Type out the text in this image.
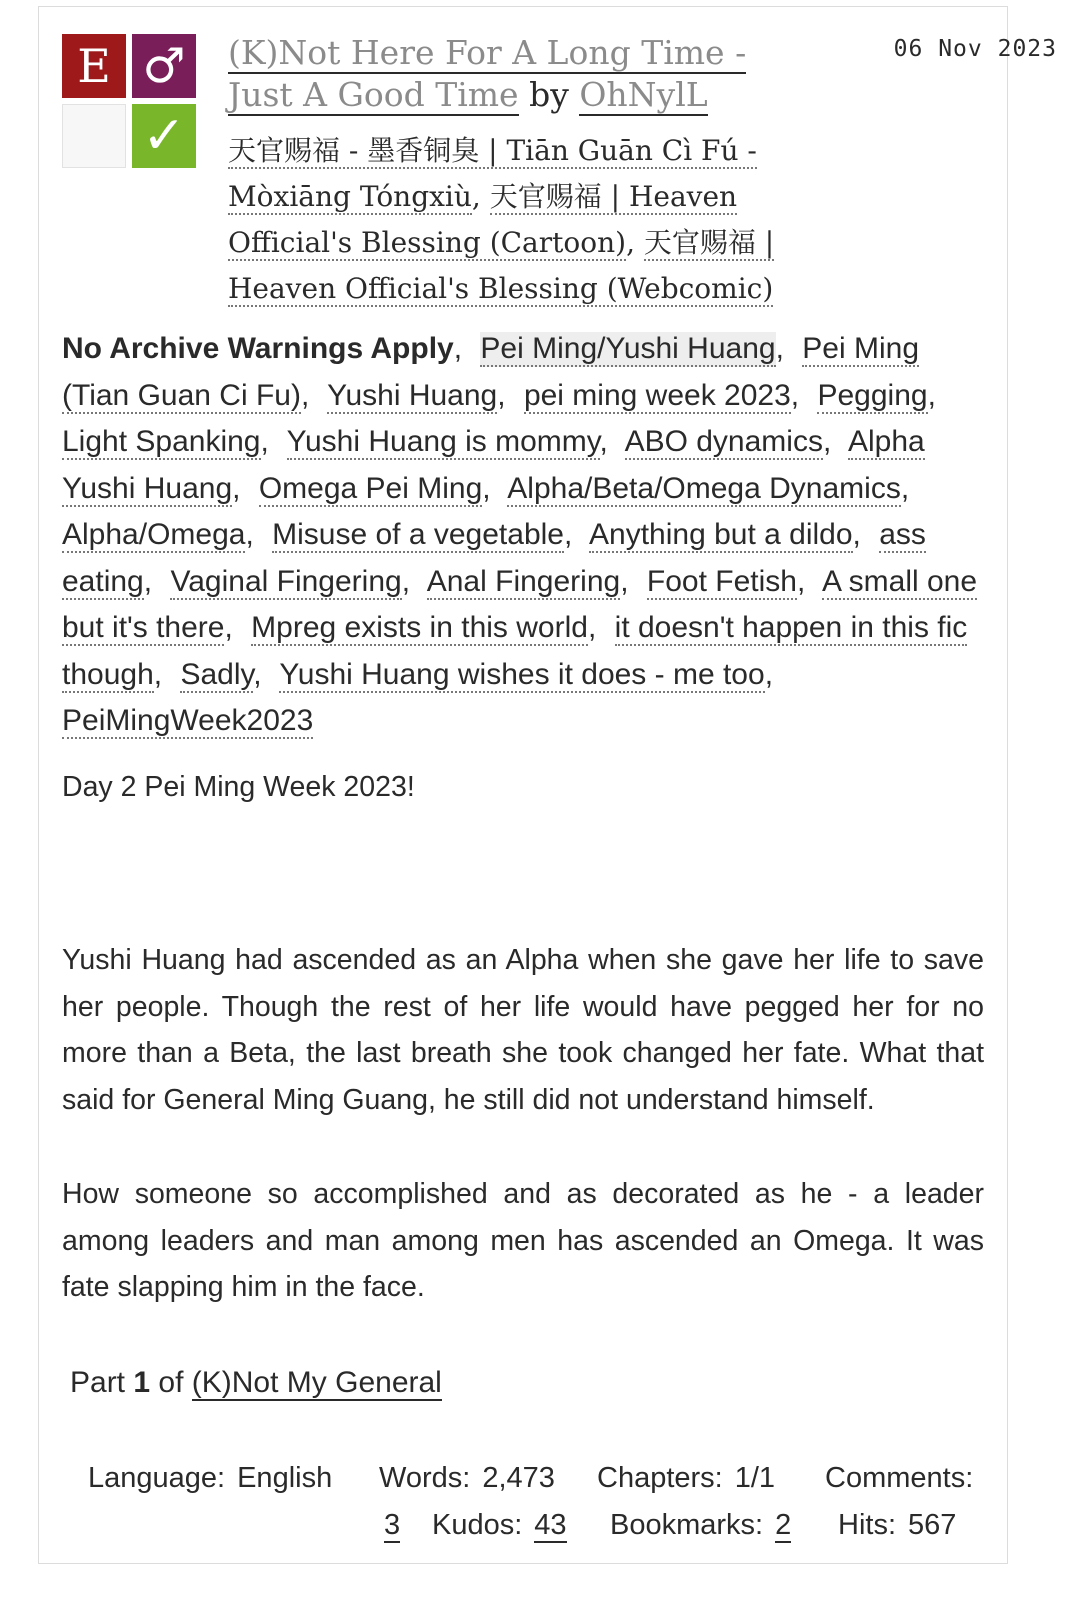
E ♂
✓
(K)Not Here For A Long Time -
Just A Good Time by OhNylL
06 Nov 2023
天官赐福 - 墨香铜臭 | Tiān Guān Cì Fú - Mòxiāng Tóngxiù, 天官赐福 | Heaven Official's Blessing (Cartoon), 天官赐福 | Heaven Official's Blessing (Webcomic)
No Archive Warnings Apply, Pei Ming/Yushi Huang, Pei Ming (Tian Guan Ci Fu), Yushi Huang, pei ming week 2023, Pegging, Light Spanking, Yushi Huang is mommy, ABO dynamics, Alpha Yushi Huang, Omega Pei Ming, Alpha/Beta/Omega Dynamics, Alpha/Omega, Misuse of a vegetable, Anything but a dildo, ass eating, Vaginal Fingering, Anal Fingering, Foot Fetish, A small one but it's there, Mpreg exists in this world, it doesn't happen in this fic though, Sadly, Yushi Huang wishes it does - me too, PeiMingWeek2023
Day 2 Pei Ming Week 2023!
Yushi Huang had ascended as an Alpha when she gave her life to save her people. Though the rest of her life would have pegged her for no more than a Beta, the last breath she took changed her fate. What that said for General Ming Guang, he still did not understand himself.
How someone so accomplished and as decorated as he - a leader among leaders and man among men has ascended an Omega. It was fate slapping him in the face.
Part 1 of (K)Not My General
Language: English Words: 2,473 Chapters: 1/1 Comments:
3 Kudos: 43 Bookmarks: 2 Hits: 567
